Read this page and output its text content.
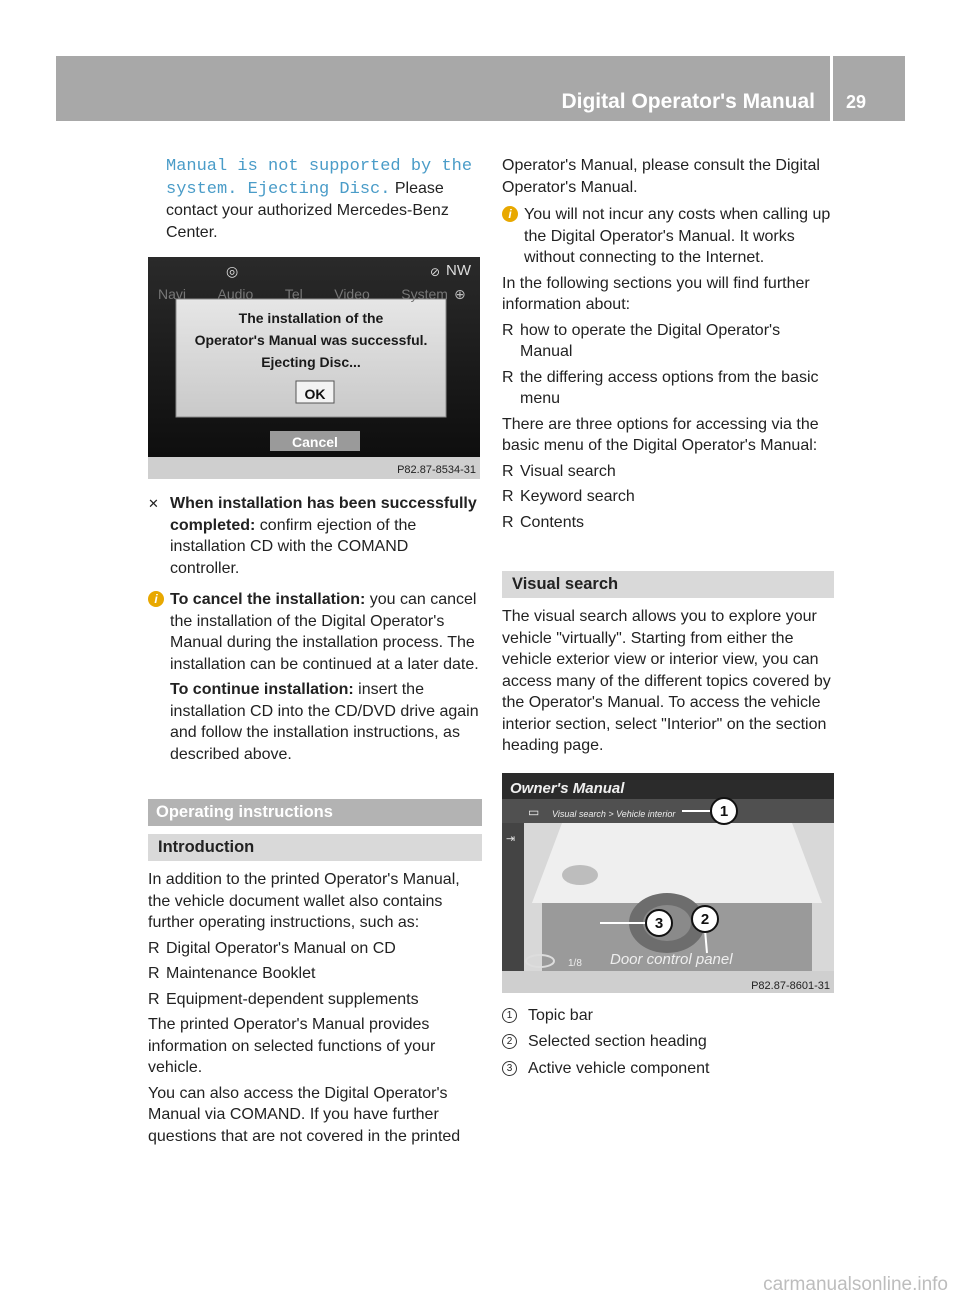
Digital Operator's Manual 29
Manual is not supported by the
system. Ejecting Disc. Please contact your authorized Mercedes-Benz Center.
◎	⊘ NW
Navi Audio Tel Video System ⊕
The installation of the
Operator's Manual was successful.
Ejecting Disc...
OK
Cancel
P82.87-8534-31

✕ When installation has been successfully completed: confirm ejection of the installation CD with the COMAND controller.

i To cancel the installation: you can cancel the installation of the Digital Operator's Manual during the installation process. The installation can be continued at a later date.

To continue installation: insert the installation CD into the CD/DVD drive again and follow the installation instructions, as described above.

Operating instructions
Introduction

In addition to the printed Operator's Manual, the vehicle document wallet also contains further operating instructions, such as:

R Digital Operator's Manual on CD
R Maintenance Booklet
R Equipment-dependent supplements

The printed Operator's Manual provides information on selected functions of your vehicle.

You can also access the Digital Operator's Manual via COMAND. If you have further questions that are not covered in the printed

Operator's Manual, please consult the Digital Operator's Manual.

i You will not incur any costs when calling up the Digital Operator's Manual. It works without connecting to the Internet.

In the following sections you will find further information about:

R how to operate the Digital Operator's Manual
R the differing access options from the basic menu

There are three options for accessing via the basic menu of the Digital Operator's Manual:

R Visual search
R Keyword search
R Contents
Visual search

The visual search allows you to explore your vehicle "virtually". Starting from either the vehicle exterior view or interior view, you can access many of the different topics covered by the Operator's Manual. To access the vehicle interior section, select "Interior" on the section heading page.

Owner's Manual
▭ Visual search > Vehicle interior
⇥
1
3	2
1/8 Door control panel
P82.87-8601-31
1 Topic bar
2 Selected section heading
3 Active vehicle component
carmanualsonline.info
